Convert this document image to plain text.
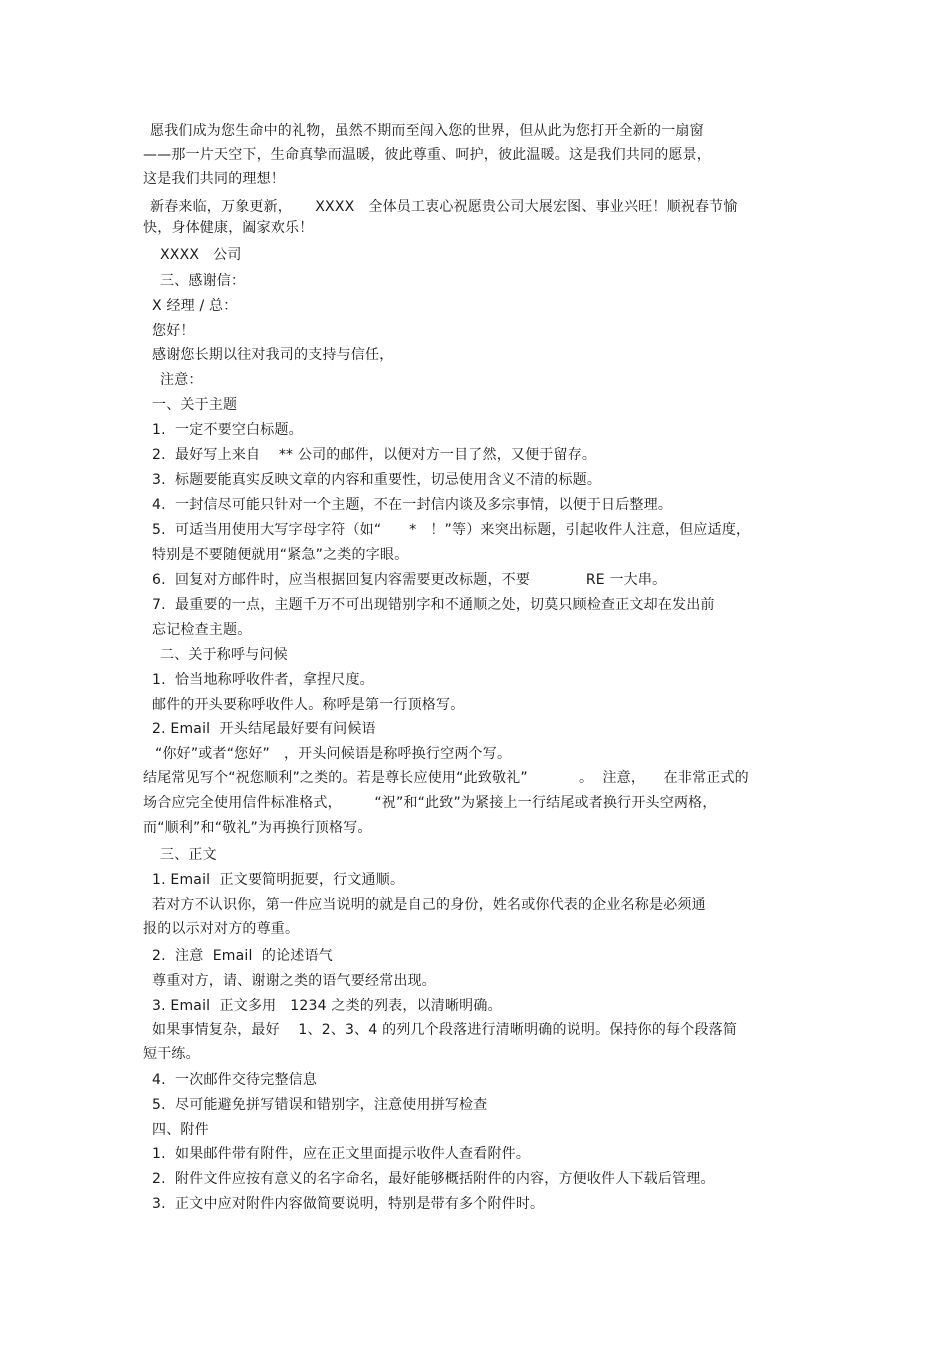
愿我们成为您生命中的礼物，虽然不期而至闯入您的世界，但从此为您打开全新的一扇窗
——那一片天空下，生命真挚而温暖，彼此尊重、呵护，彼此温暖。这是我们共同的愿景，
这是我们共同的理想！
新春来临，万象更新，     XXXX   全体员工衷心祝愿贵公司大展宏图、事业兴旺！顺祝春节愉
快，身体健康，阖家欢乐！
XXXX   公司
三、感谢信：
X 经理 / 总：
您好！
感谢您长期以往对我司的支持与信任，
注意：
一、关于主题
1.  一定不要空白标题。
2.  最好写上来自    ** 公司的邮件，以便对方一目了然，又便于留存。
3.  标题要能真实反映文章的内容和重要性，切忌使用含义不清的标题。
4.  一封信尽可能只针对一个主题，不在一封信内谈及多宗事情，以便于日后整理。
5.  可适当用使用大写字母字符（如“      *   ！”等）来突出标题，引起收件人注意，但应适度，
特别是不要随便就用“紧急”之类的字眼。
6.  回复对方邮件时，应当根据回复内容需要更改标题，不要            RE 一大串。
7.  最重要的一点，主题千万不可出现错别字和不通顺之处，切莫只顾检查正文却在发出前
忘记检查主题。
二、关于称呼与问候
1.  恰当地称呼收件者，拿捏尺度。
邮件的开头要称呼收件人。称呼是第一行顶格写。
2. Email  开头结尾最好要有问候语
“你好”或者“您好”   ，开头问候语是称呼换行空两个写。
结尾常见写个“祝您顺利”之类的。若是尊长应使用“此致敬礼”           。  注意，    在非常正式的
场合应完全使用信件标准格式，       “祝”和“此致”为紧接上一行结尾或者换行开头空两格，
而“顺利”和“敬礼”为再换行顶格写。
三、正文
1. Email  正文要简明扼要，行文通顺。
若对方不认识你，第一件应当说明的就是自己的身份，姓名或你代表的企业名称是必须通
报的以示对对方的尊重。
2.  注意  Email  的论述语气
尊重对方，请、谢谢之类的语气要经常出现。
3. Email  正文多用   1234 之类的列表，以清晰明确。
如果事情复杂，最好    1、2、3、4 的列几个段落进行清晰明确的说明。保持你的每个段落简
短干练。
4.  一次邮件交待完整信息
5.  尽可能避免拼写错误和错别字，注意使用拼写检查
四、附件
1.  如果邮件带有附件，应在正文里面提示收件人查看附件。
2.  附件文件应按有意义的名字命名，最好能够概括附件的内容，方便收件人下载后管理。
3.  正文中应对附件内容做简要说明，特别是带有多个附件时。
